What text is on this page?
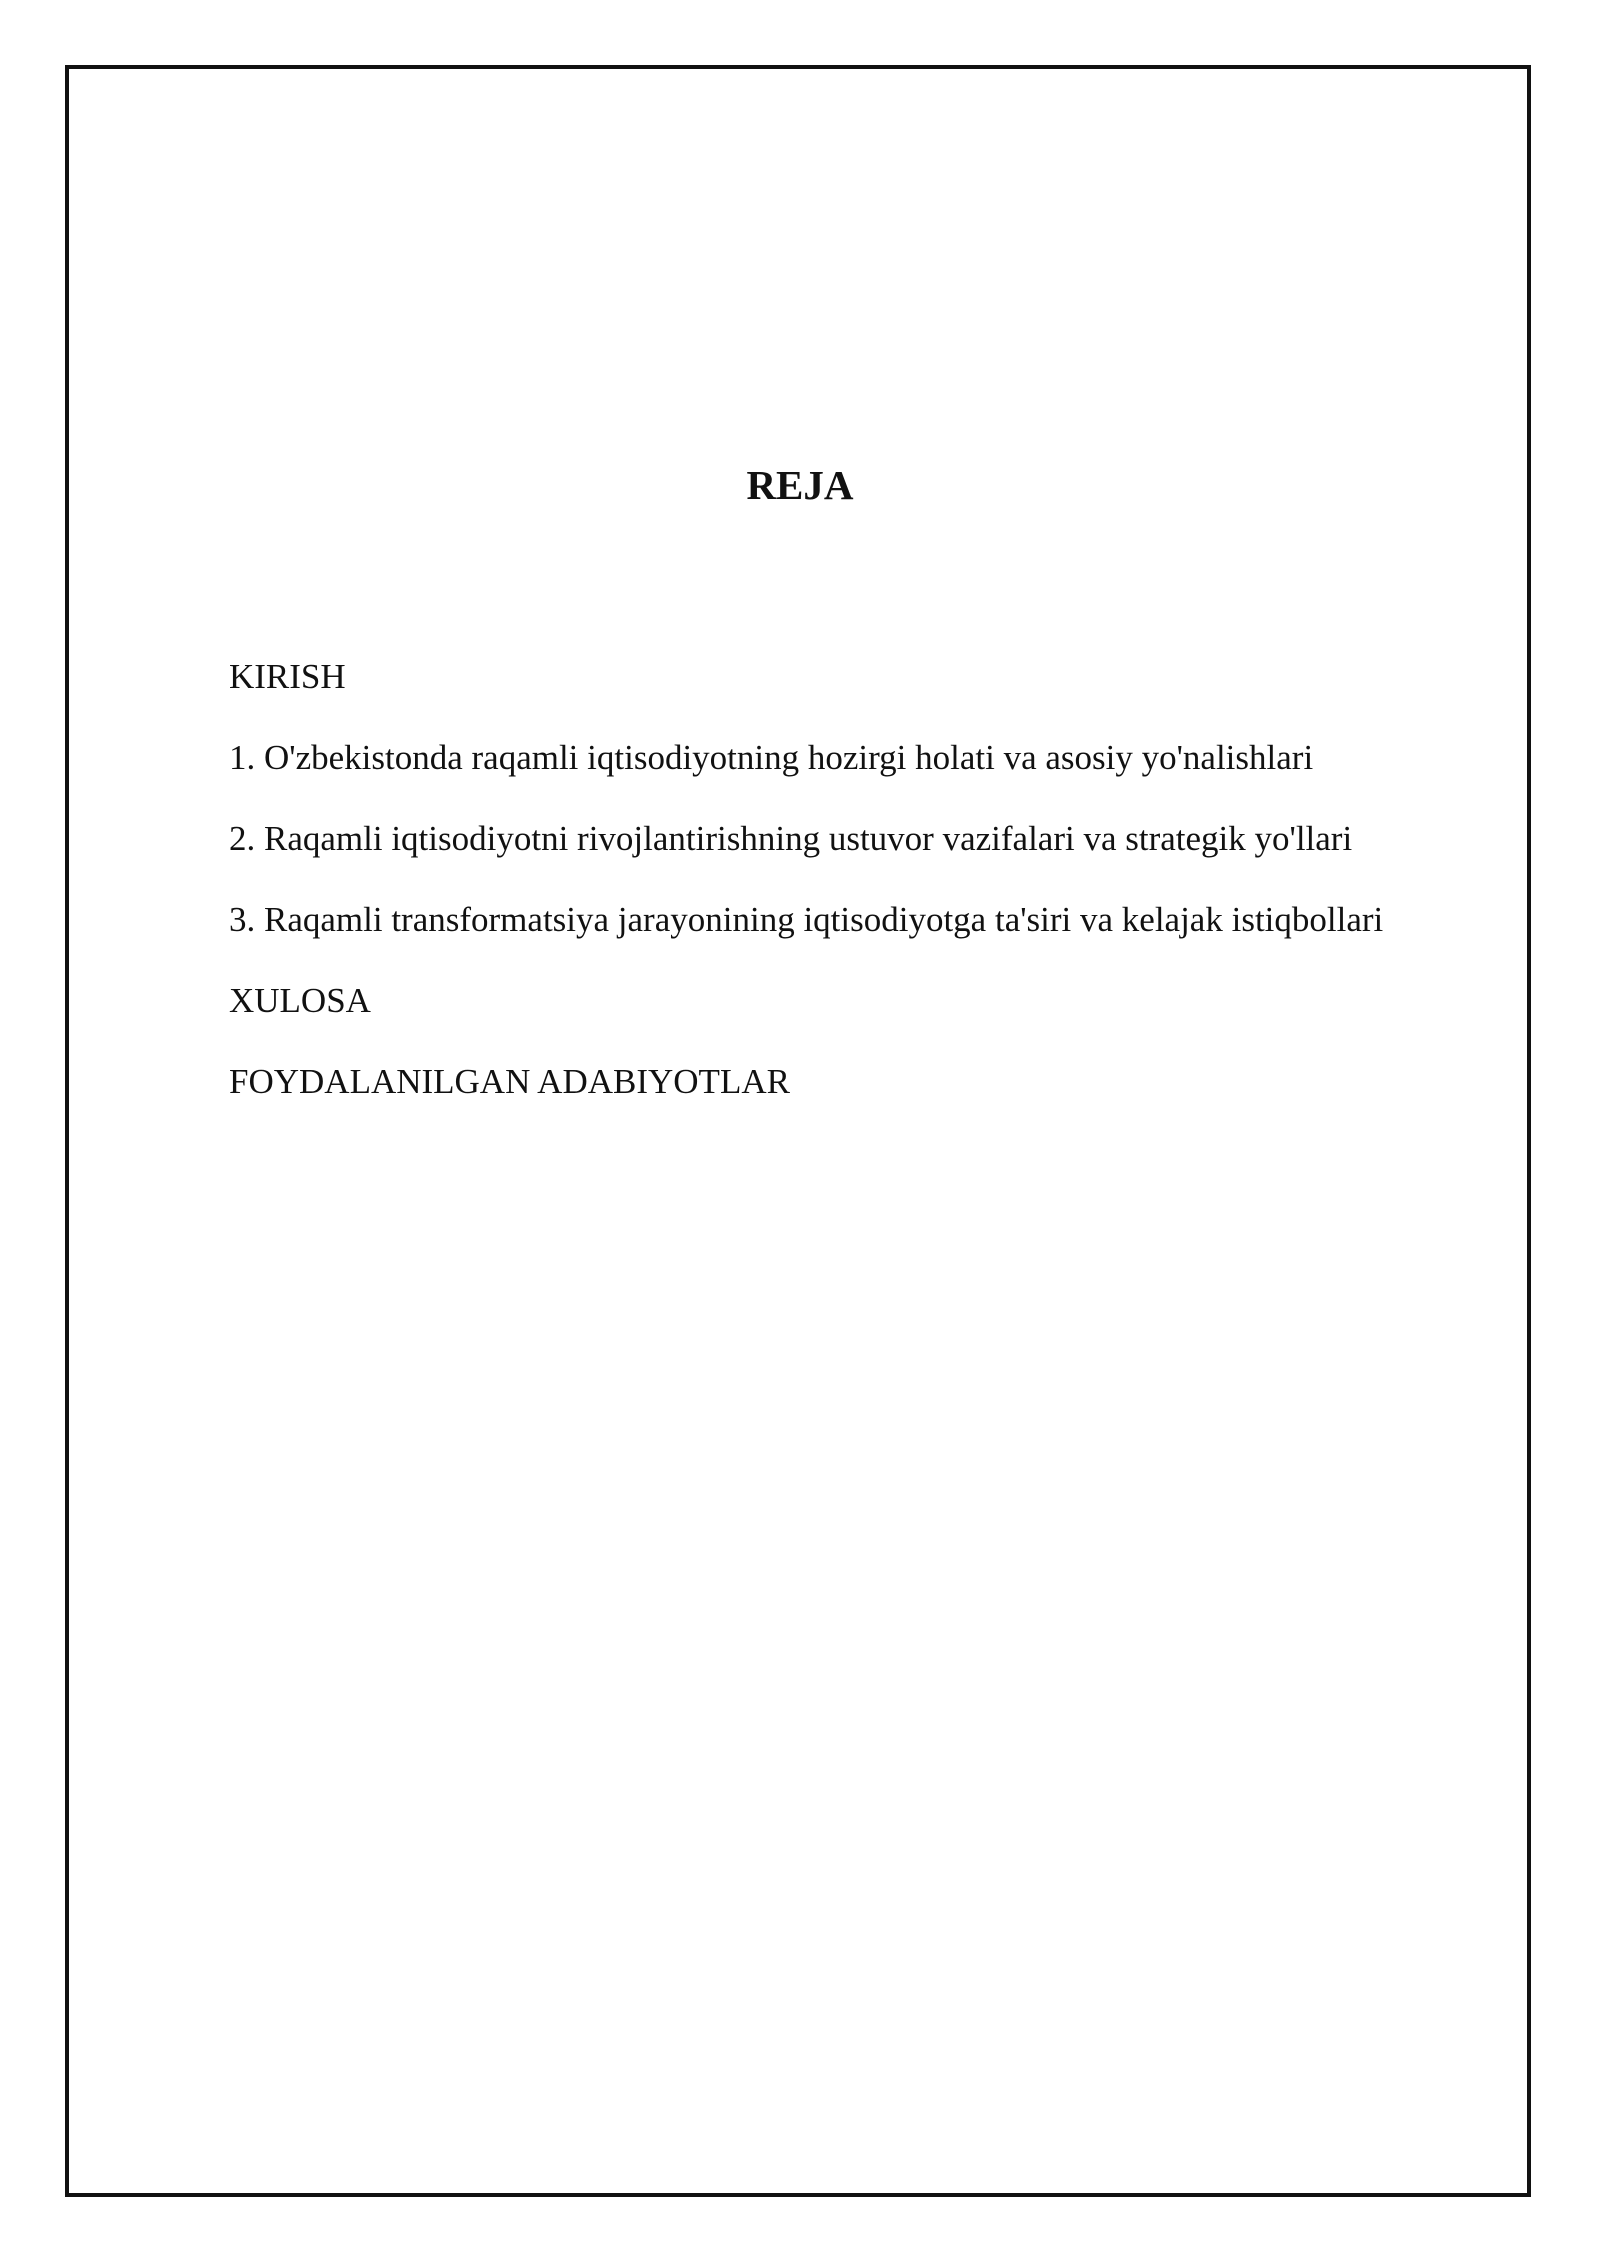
REJA
KIRISH
1. O'zbekistonda raqamli iqtisodiyotning hozirgi holati va asosiy yo'nalishlari
2. Raqamli iqtisodiyotni rivojlantirishning ustuvor vazifalari va strategik yo'llari
3. Raqamli transformatsiya jarayonining iqtisodiyotga ta'siri va kelajak istiqbollari
XULOSA
FOYDALANILGAN ADABIYOTLAR
